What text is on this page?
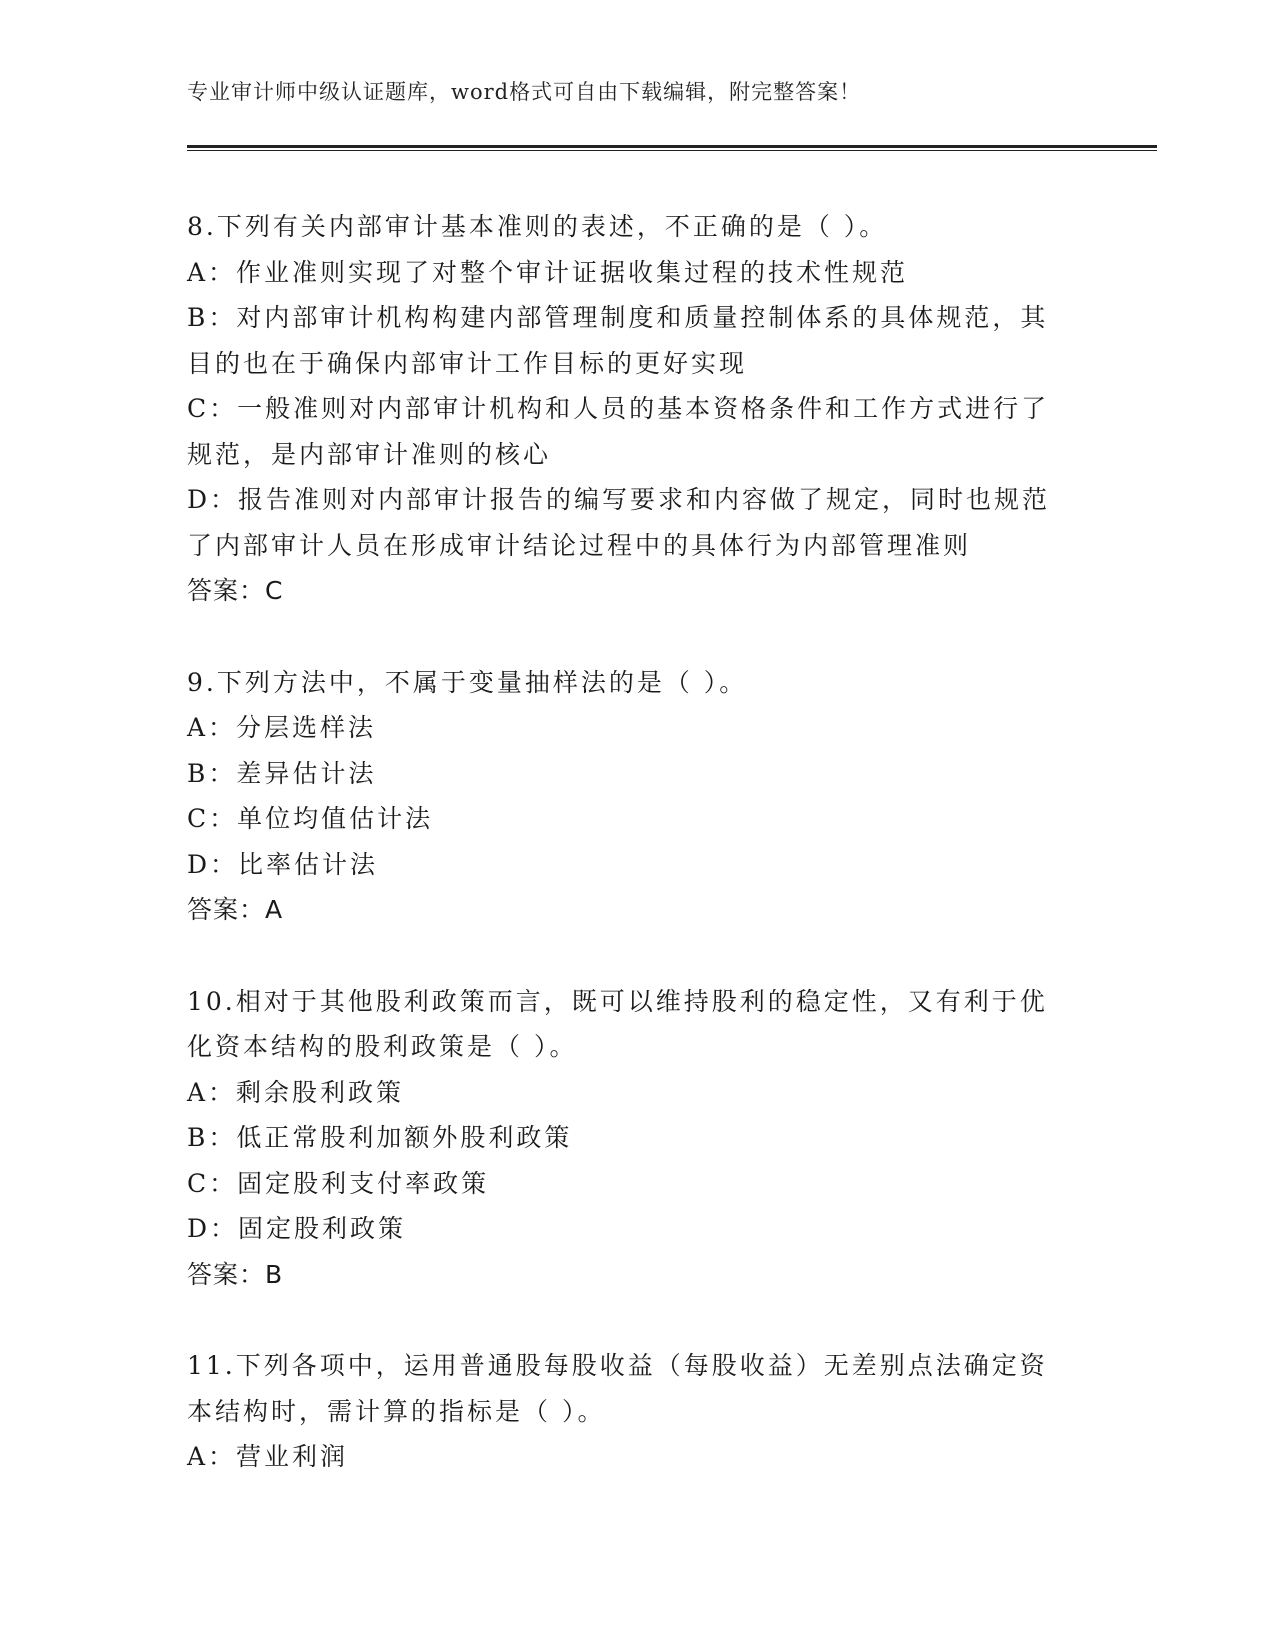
专业审计师中级认证题库，word格式可自由下载编辑，附完整答案！
8.下列有关内部审计基本准则的表述，不正确的是（ ）。
A：作业准则实现了对整个审计证据收集过程的技术性规范
B：对内部审计机构构建内部管理制度和质量控制体系的具体规范，其
目的也在于确保内部审计工作目标的更好实现
C：一般准则对内部审计机构和人员的基本资格条件和工作方式进行了
规范，是内部审计准则的核心
D：报告准则对内部审计报告的编写要求和内容做了规定，同时也规范
了内部审计人员在形成审计结论过程中的具体行为内部管理准则
答案：C
9.下列方法中，不属于变量抽样法的是（ ）。
A：分层选样法
B：差异估计法
C：单位均值估计法
D：比率估计法
答案：A
10.相对于其他股利政策而言，既可以维持股利的稳定性，又有利于优
化资本结构的股利政策是（ ）。
A：剩余股利政策
B：低正常股利加额外股利政策
C：固定股利支付率政策
D：固定股利政策
答案：B
11.下列各项中，运用普通股每股收益（每股收益）无差别点法确定资
本结构时，需计算的指标是（ ）。
A：营业利润
